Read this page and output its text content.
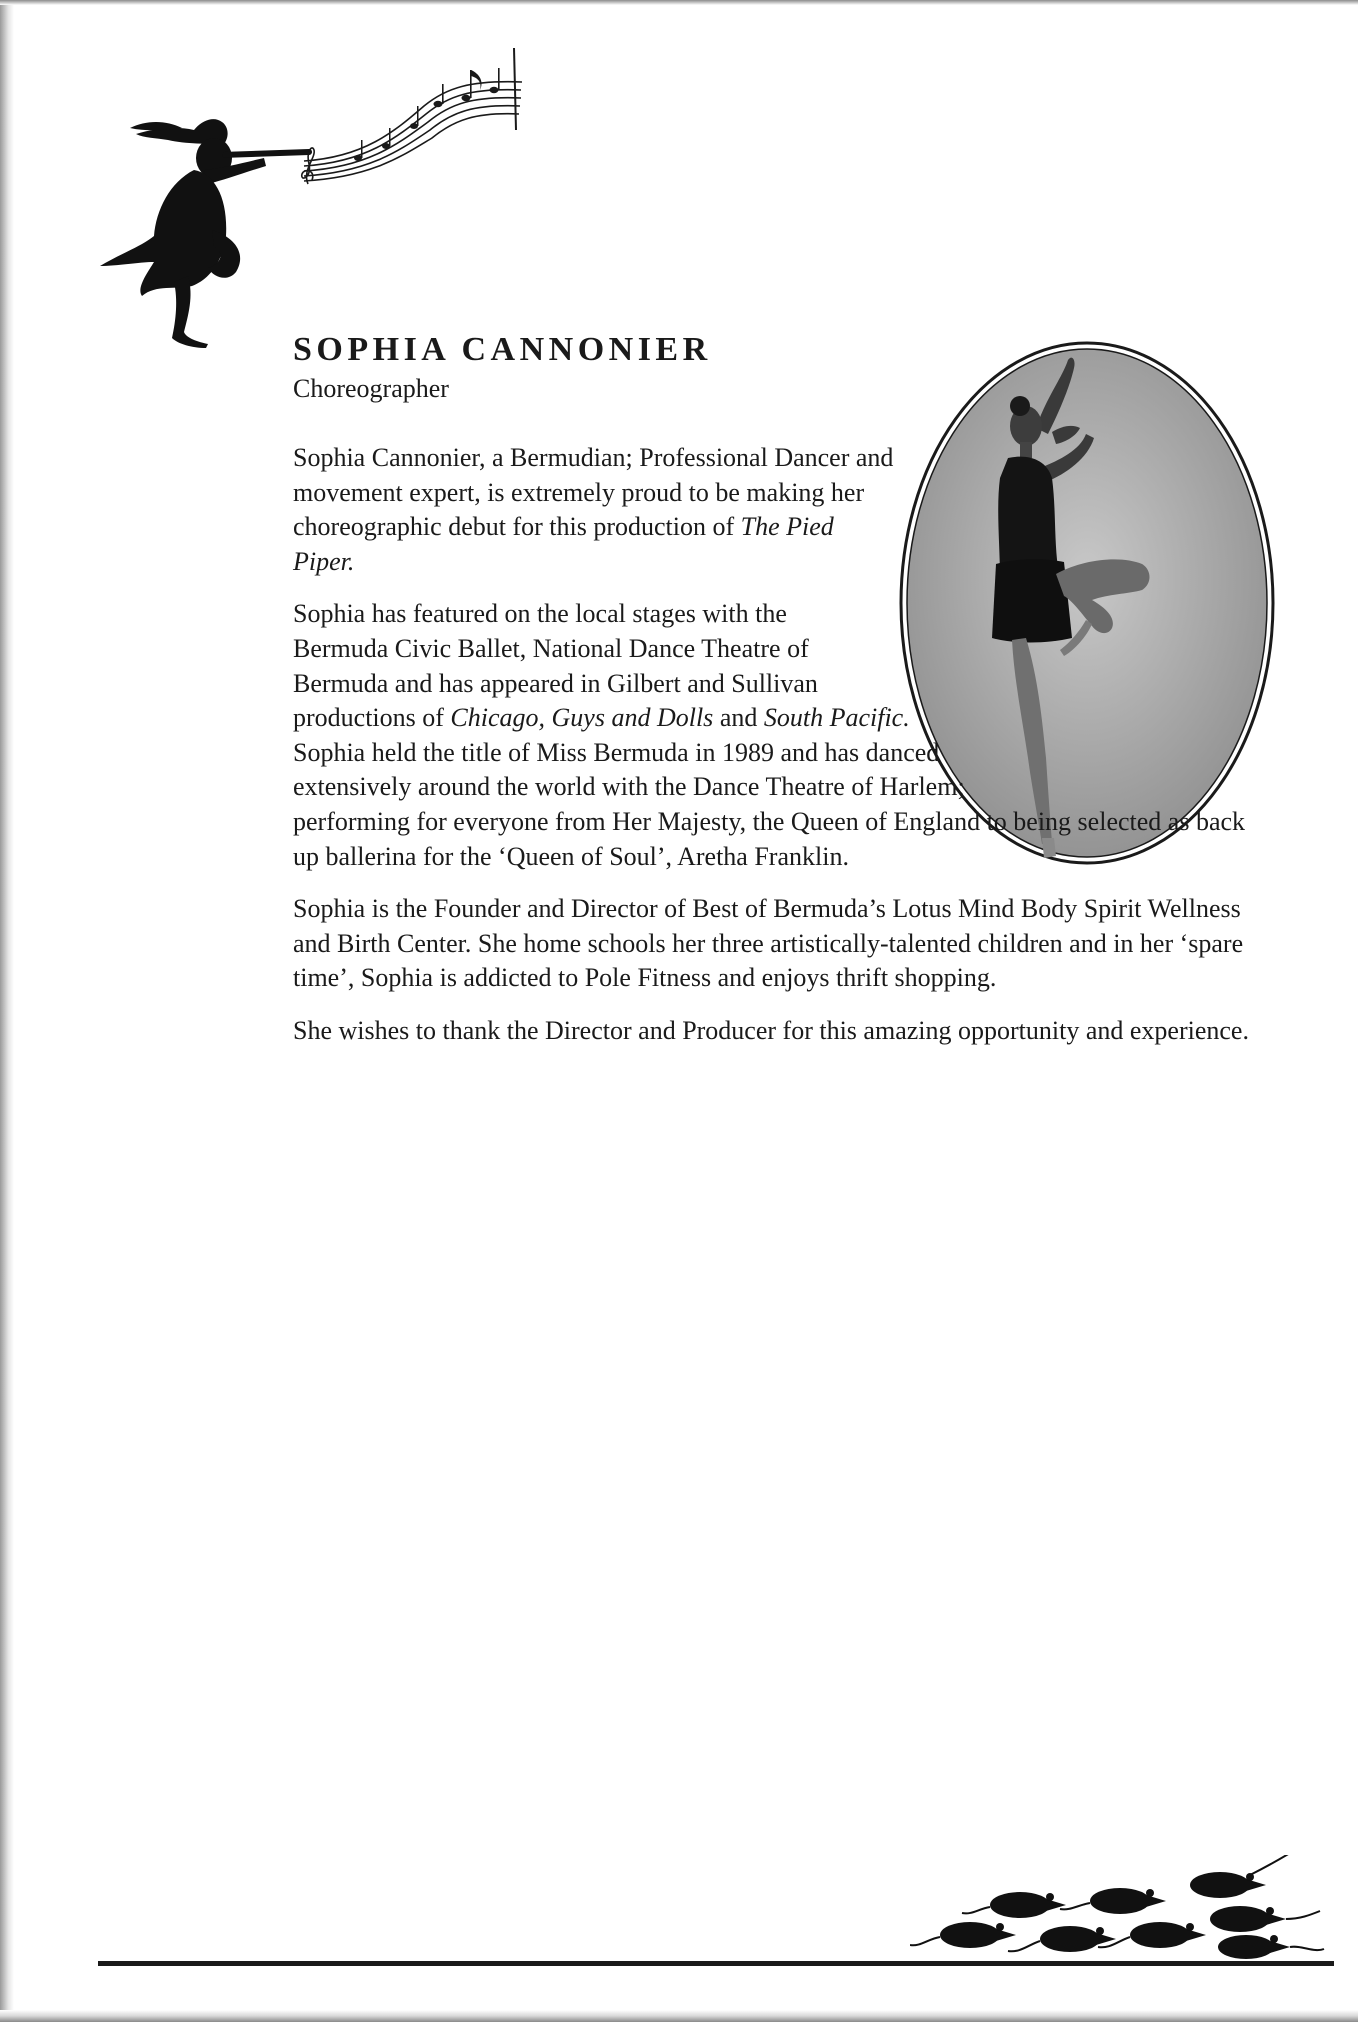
SOPHIA CANNONIER

Choreographer

Sophia Cannonier, a Bermudian; Professional Dancer and movement expert, is extremely proud to be making her choreographic debut for this production of The Pied Piper.

Sophia has featured on the local stages with the Bermuda Civic Ballet, National Dance Theatre of Bermuda and has appeared in Gilbert and Sullivan productions of Chicago, Guys and Dolls and South Pacific. Sophia held the title of Miss Bermuda in 1989 and has danced extensively around the world with the Dance Theatre of Harlem; performing for everyone from Her Majesty, the Queen of England to being selected as back up ballerina for the ‘Queen of Soul’, Aretha Franklin.

Sophia is the Founder and Director of Best of Bermuda’s Lotus Mind Body Spirit Wellness and Birth Center. She home schools her three artistically-talented children and in her ‘spare time’, Sophia is addicted to Pole Fitness and enjoys thrift shopping.

She wishes to thank the Director and Producer for this amazing opportunity and experience.
